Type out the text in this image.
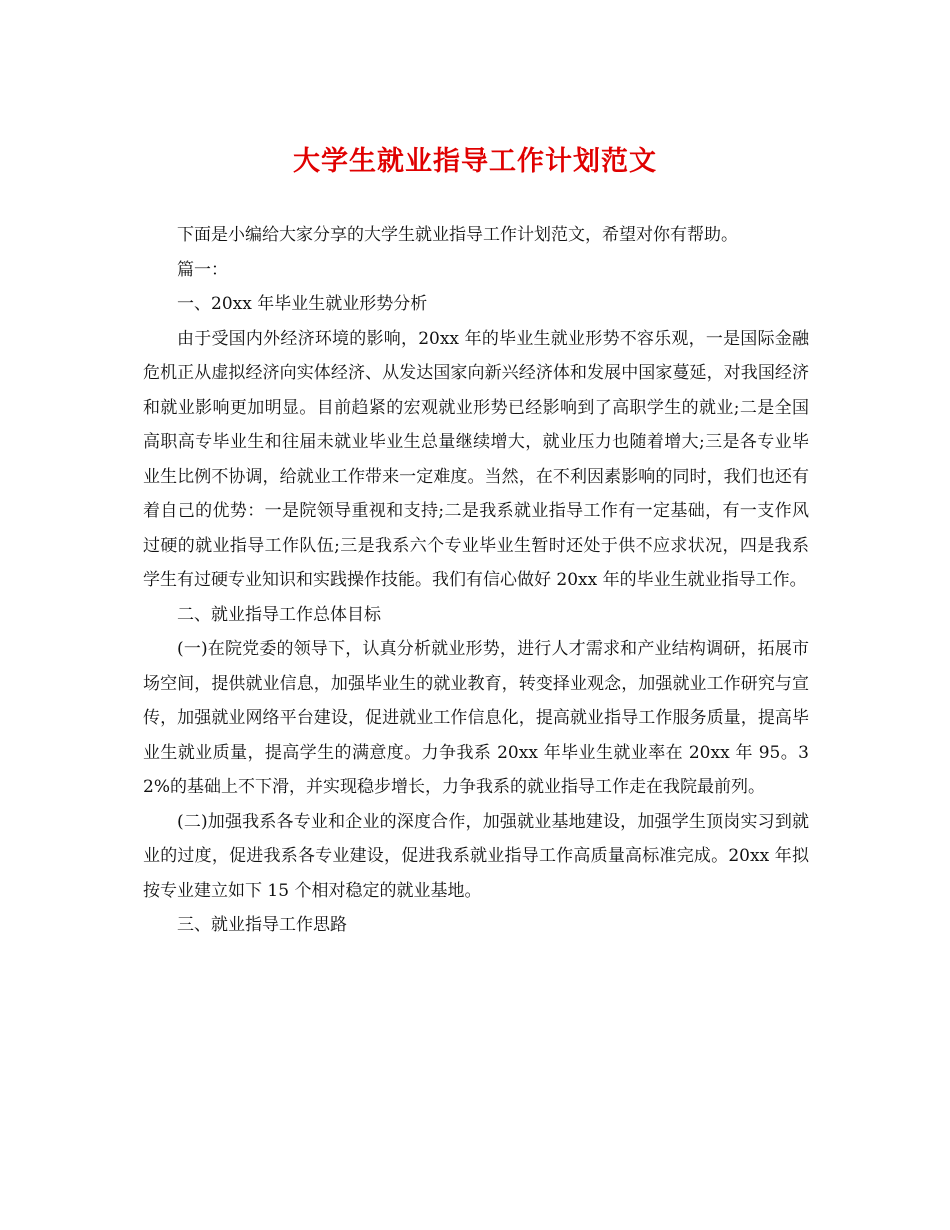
大学生就业指导工作计划范文

下面是小编给大家分享的大学生就业指导工作计划范文，希望对你有帮助。

篇一：

一、20xx 年毕业生就业形势分析

由于受国内外经济环境的影响，20xx 年的毕业生就业形势不容乐观，一是国际金融危机正从虚拟经济向实体经济、从发达国家向新兴经济体和发展中国家蔓延，对我国经济和就业影响更加明显。目前趋紧的宏观就业形势已经影响到了高职学生的就业;二是全国高职高专毕业生和往届未就业毕业生总量继续增大，就业压力也随着增大;三是各专业毕业生比例不协调，给就业工作带来一定难度。当然，在不利因素影响的同时，我们也还有着自己的优势：一是院领导重视和支持;二是我系就业指导工作有一定基础，有一支作风过硬的就业指导工作队伍;三是我系六个专业毕业生暂时还处于供不应求状况，四是我系学生有过硬专业知识和实践操作技能。我们有信心做好 20xx 年的毕业生就业指导工作。

二、就业指导工作总体目标

(一)在院党委的领导下，认真分析就业形势，进行人才需求和产业结构调研，拓展市场空间，提供就业信息，加强毕业生的就业教育，转变择业观念，加强就业工作研究与宣传，加强就业网络平台建设，促进就业工作信息化，提高就业指导工作服务质量，提高毕业生就业质量，提高学生的满意度。力争我系 20xx 年毕业生就业率在 20xx 年 95。32%的基础上不下滑，并实现稳步增长，力争我系的就业指导工作走在我院最前列。

(二)加强我系各专业和企业的深度合作，加强就业基地建设，加强学生顶岗实习到就业的过度，促进我系各专业建设，促进我系就业指导工作高质量高标准完成。20xx 年拟按专业建立如下 15 个相对稳定的就业基地。

三、就业指导工作思路
